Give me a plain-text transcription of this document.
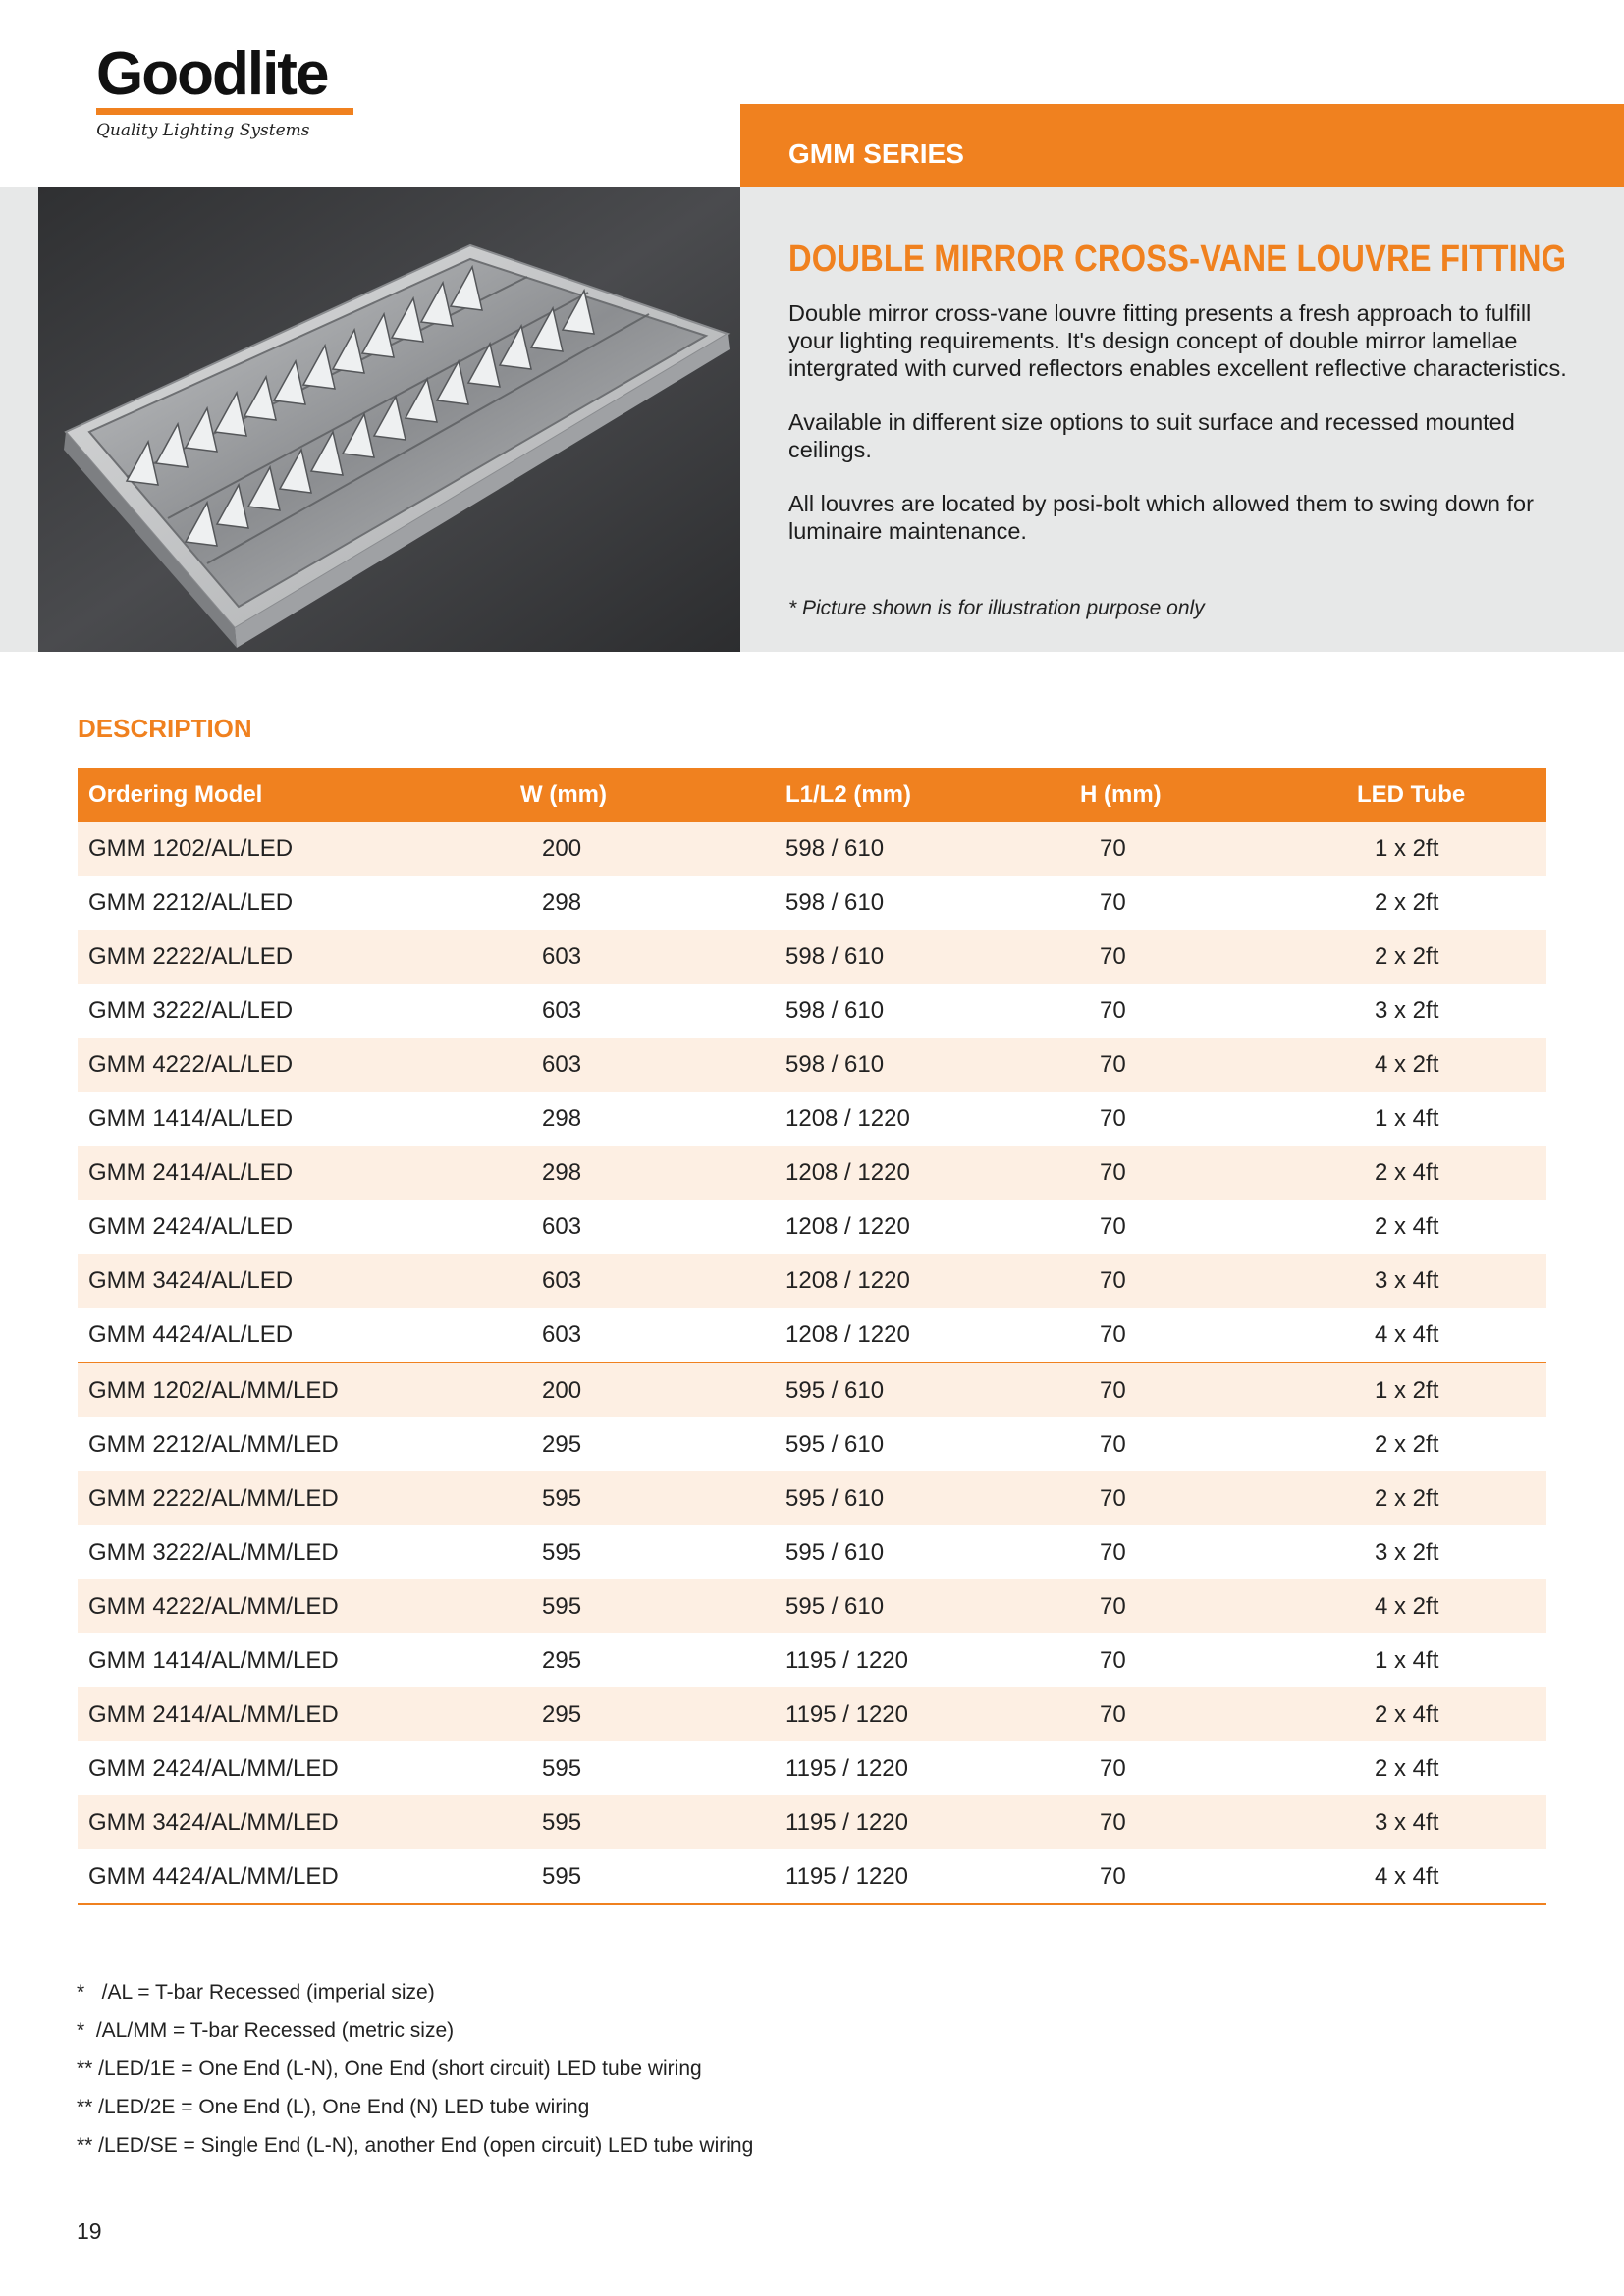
Goodlite
Quality Lighting Systems
GMM SERIES
DOUBLE MIRROR CROSS-VANE LOUVRE FITTING

Double mirror cross-vane louvre fitting presents a fresh approach to fulfill your lighting requirements. It's design concept of double mirror lamellae intergrated with curved reflectors enables excellent reflective characteristics.

Available in different size options to suit surface and recessed mounted ceilings.

All louvres are located by posi-bolt which allowed them to swing down for luminaire maintenance.

* Picture shown is for illustration purpose only
DESCRIPTION
Ordering Model	W (mm)	L1/L2 (mm)	H (mm)	LED Tube
GMM 1202/AL/LED	200	598 / 610	70	1 x 2ft
GMM 2212/AL/LED	298	598 / 610	70	2 x 2ft
GMM 2222/AL/LED	603	598 / 610	70	2 x 2ft
GMM 3222/AL/LED	603	598 / 610	70	3 x 2ft
GMM 4222/AL/LED	603	598 / 610	70	4 x 2ft
GMM 1414/AL/LED	298	1208 / 1220	70	1 x 4ft
GMM 2414/AL/LED	298	1208 / 1220	70	2 x 4ft
GMM 2424/AL/LED	603	1208 / 1220	70	2 x 4ft
GMM 3424/AL/LED	603	1208 / 1220	70	3 x 4ft
GMM 4424/AL/LED	603	1208 / 1220	70	4 x 4ft
GMM 1202/AL/MM/LED	200	595 / 610	70	1 x 2ft
GMM 2212/AL/MM/LED	295	595 / 610	70	2 x 2ft
GMM 2222/AL/MM/LED	595	595 / 610	70	2 x 2ft
GMM 3222/AL/MM/LED	595	595 / 610	70	3 x 2ft
GMM 4222/AL/MM/LED	595	595 / 610	70	4 x 2ft
GMM 1414/AL/MM/LED	295	1195 / 1220	70	1 x 4ft
GMM 2414/AL/MM/LED	295	1195 / 1220	70	2 x 4ft
GMM 2424/AL/MM/LED	595	1195 / 1220	70	2 x 4ft
GMM 3424/AL/MM/LED	595	1195 / 1220	70	3 x 4ft
GMM 4424/AL/MM/LED	595	1195 / 1220	70	4 x 4ft
*   /AL = T-bar Recessed (imperial size)
*  /AL/MM = T-bar Recessed (metric size)
** /LED/1E = One End (L-N), One End (short circuit) LED tube wiring
** /LED/2E = One End (L), One End (N) LED tube wiring
** /LED/SE = Single End (L-N), another End (open circuit) LED tube wiring
19
